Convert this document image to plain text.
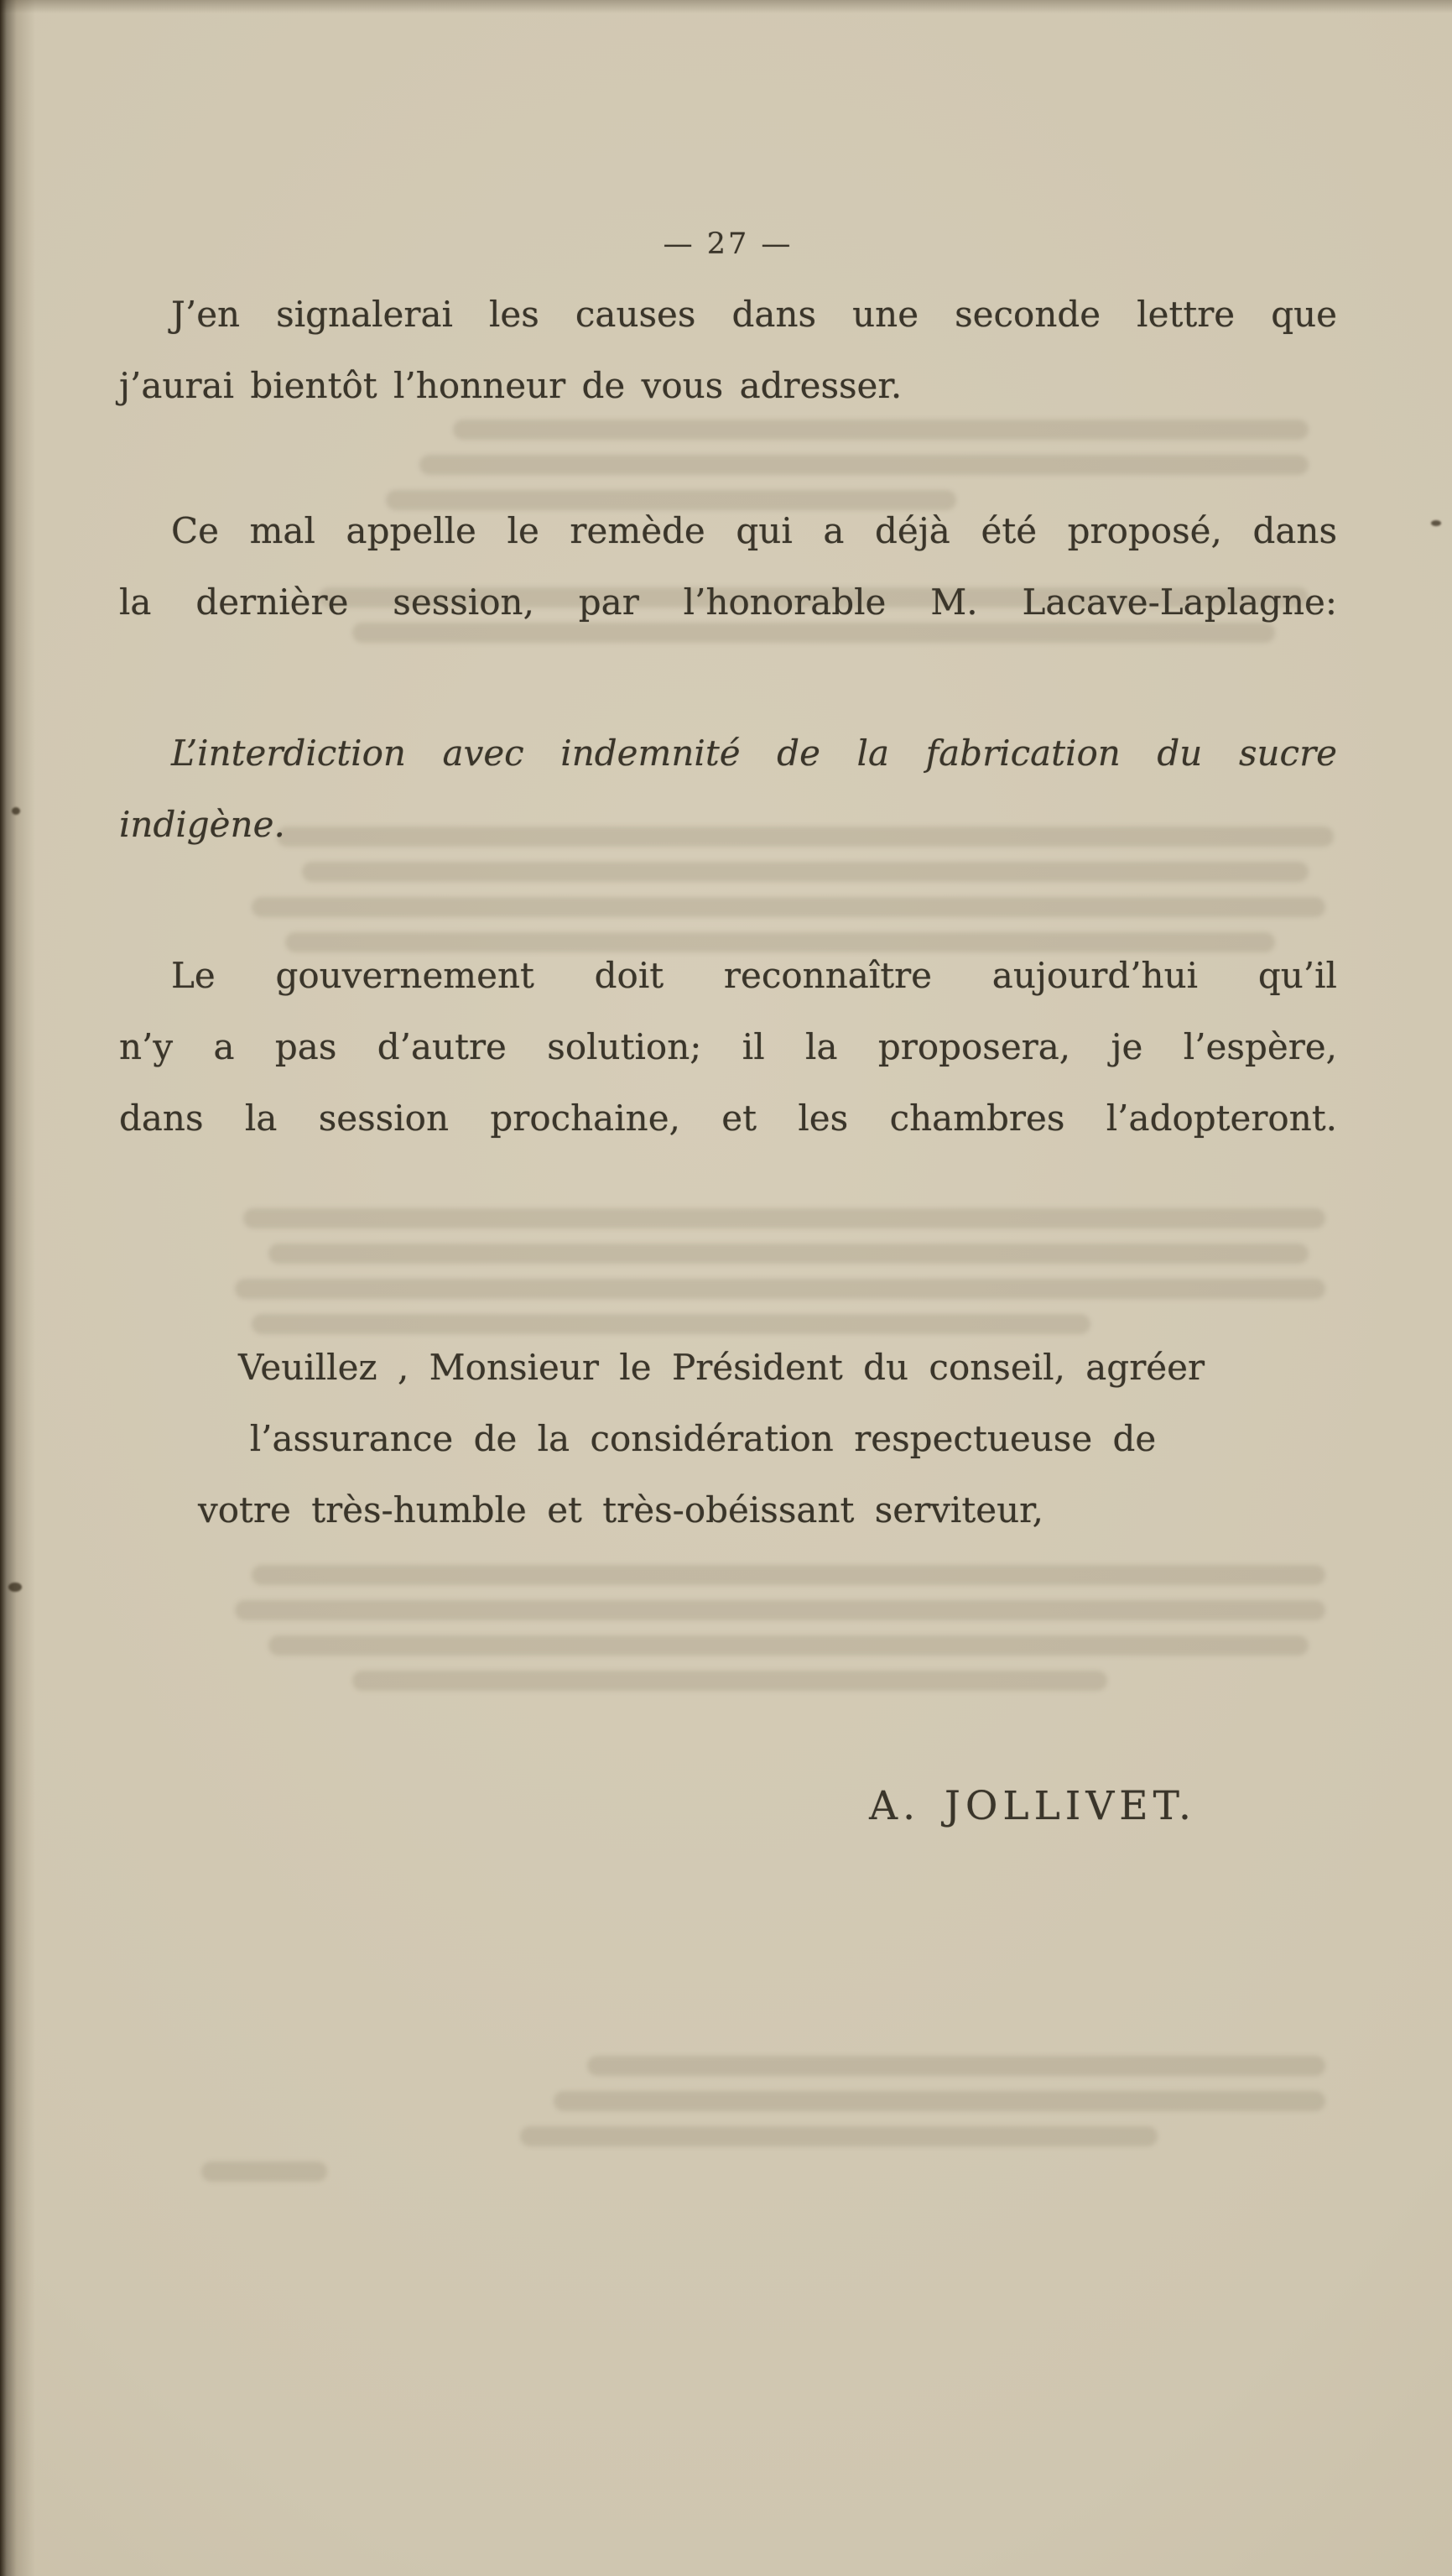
— 27 —
J’en signalerai les causes dans une seconde lettre que
j’aurai bientôt l’honneur de vous adresser.
Ce mal appelle le remède qui a déjà été proposé, dans
la dernière session, par l’honorable M. Lacave-Laplagne:
L’interdiction avec indemnité de la fabrication du sucre
indigène.
Le gouvernement doit reconnaître aujourd’hui qu’il
n’y a pas d’autre solution; il la proposera, je l’espère,
dans la session prochaine, et les chambres l’adopteront.
Veuillez , Monsieur le Président du conseil, agréer
l’assurance de la considération respectueuse de
votre très-humble et très-obéissant serviteur,
A. JOLLIVET.
